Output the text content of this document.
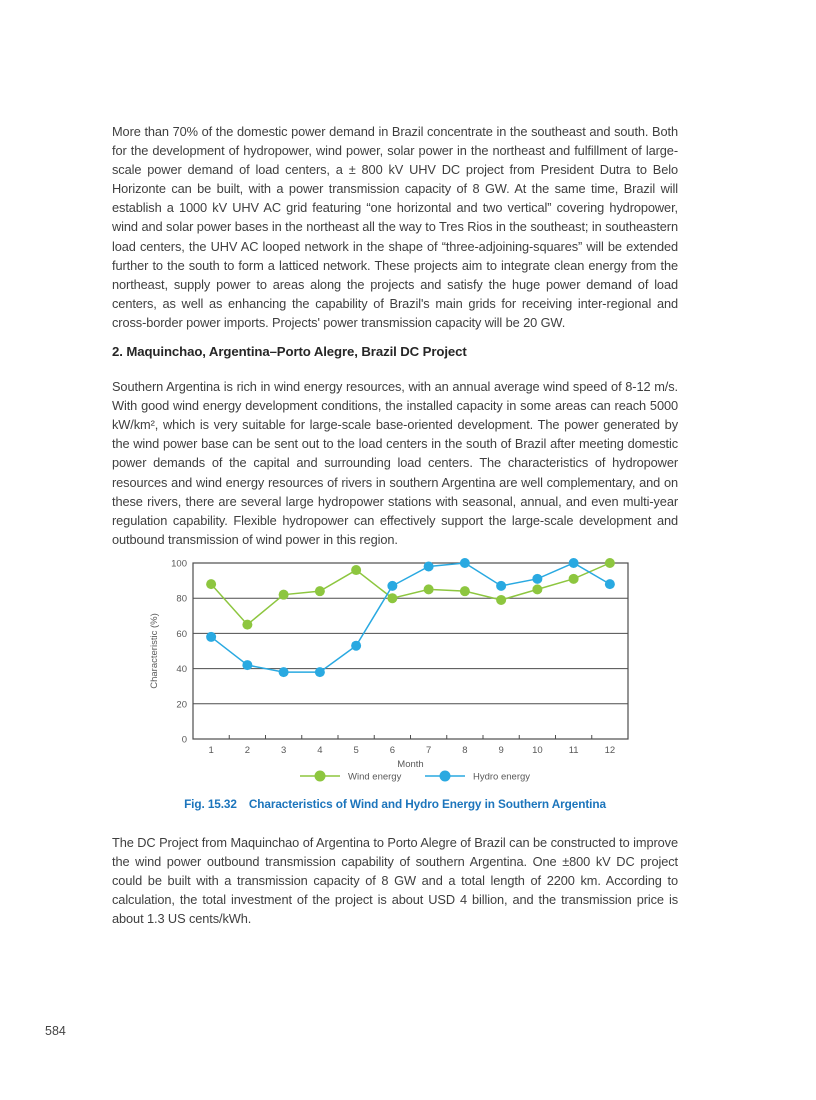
More than 70% of the domestic power demand in Brazil concentrate in the southeast and south. Both for the development of hydropower, wind power, solar power in the northeast and fulfillment of large-scale power demand of load centers, a ± 800 kV UHV DC project from President Dutra to Belo Horizonte can be built, with a power transmission capacity of 8 GW. At the same time, Brazil will establish a 1000 kV UHV AC grid featuring “one horizontal and two vertical” covering hydropower, wind and solar power bases in the northeast all the way to Tres Rios in the southeast; in southeastern load centers, the UHV AC looped network in the shape of “three-adjoining-squares” will be extended further to the south to form a latticed network. These projects aim to integrate clean energy from the northeast, supply power to areas along the projects and satisfy the huge power demand of load centers, as well as enhancing the capability of Brazil's main grids for receiving inter-regional and cross-border power imports. Projects' power transmission capacity will be 20 GW.

2. Maquinchao, Argentina–Porto Alegre, Brazil DC Project

Southern Argentina is rich in wind energy resources, with an annual average wind speed of 8-12 m/s. With good wind energy development conditions, the installed capacity in some areas can reach 5000 kW/km², which is very suitable for large-scale base-oriented development. The power generated by the wind power base can be sent out to the load centers in the south of Brazil after meeting domestic power demands of the capital and surrounding load centers. The characteristics of hydropower resources and wind energy resources of rivers in southern Argentina are well complementary, and on these rivers, there are several large hydropower stations with seasonal, annual, and even multi-year regulation capability. Flexible hydropower can effectively support the large-scale development and outbound transmission of wind power in this region.

0
20
40
60
80
100
1	2	3	4	5	6	7	8	9	10	11	12
Month
Characteristic (%)
Wind energy	Hydro energy
Fig. 15.32 Characteristics of Wind and Hydro Energy in Southern Argentina

The DC Project from Maquinchao of Argentina to Porto Alegre of Brazil can be constructed to improve the wind power outbound transmission capability of southern Argentina. One ±800 kV DC project could be built with a transmission capacity of 8 GW and a total length of 2200 km. According to calculation, the total investment of the project is about USD 4 billion, and the transmission price is about 1.3 US cents/kWh.

584
